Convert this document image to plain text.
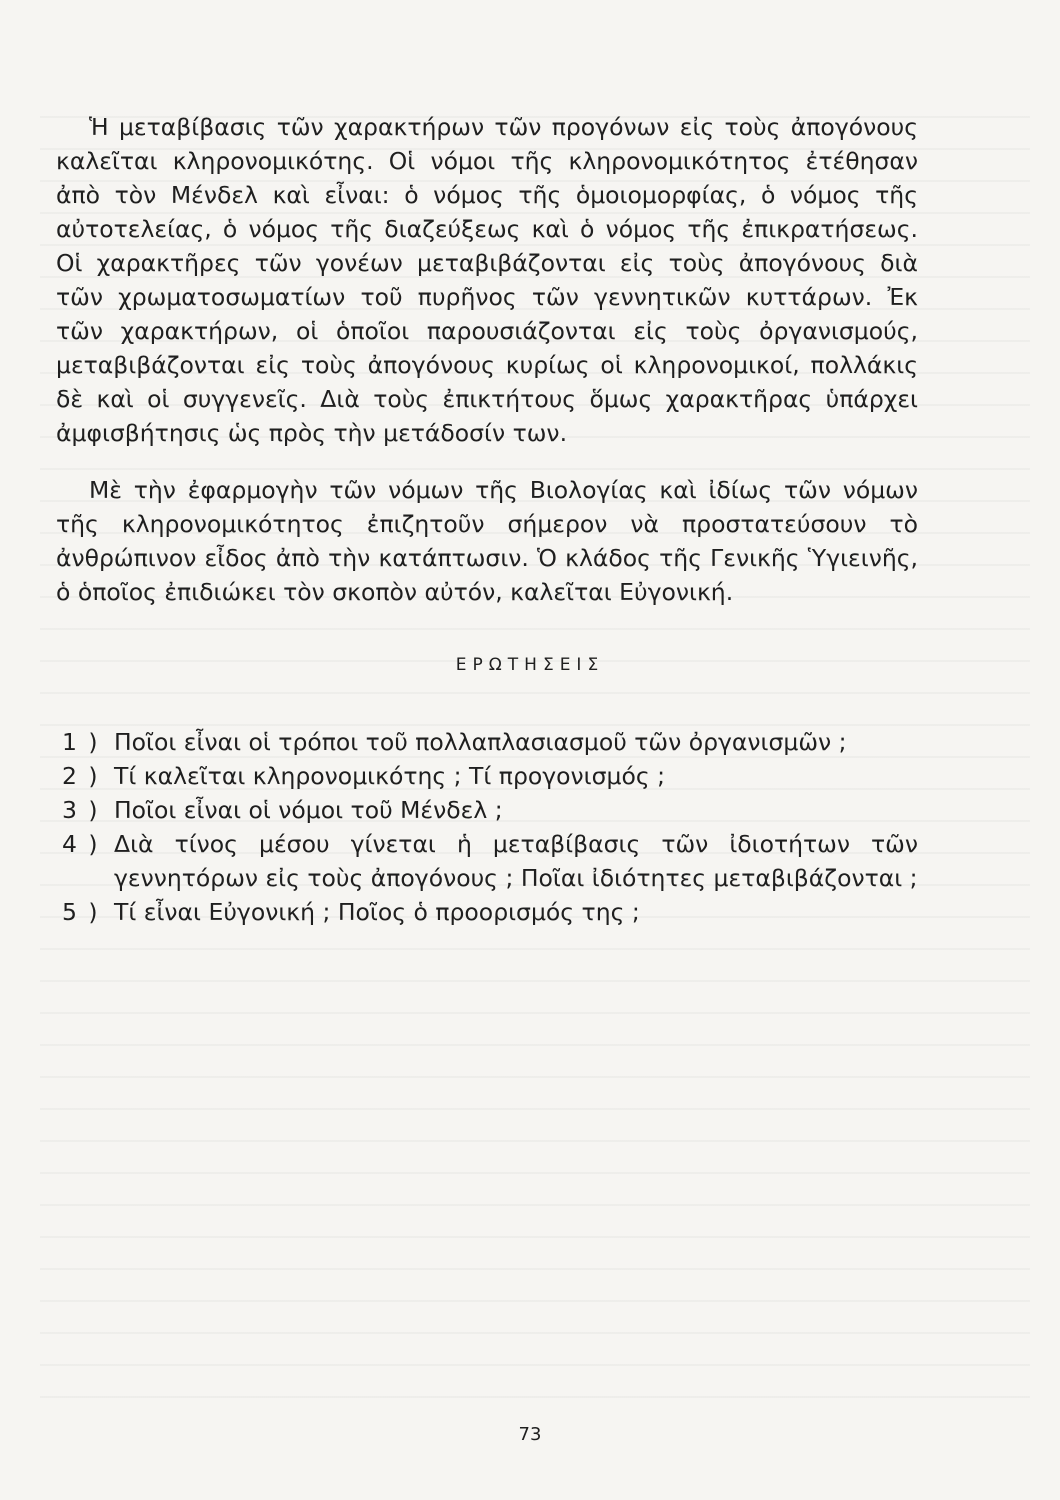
Ἡ μεταβίβασις τῶν χαρακτήρων τῶν προγόνων εἰς τοὺς ἀπογόνους καλεῖται κληρονομικότης. Οἱ νόμοι τῆς κληρονομικότητος ἐτέθησαν ἀπὸ τὸν Μένδελ καὶ εἶναι: ὁ νόμος τῆς ὁμοιομορφίας, ὁ νόμος τῆς αὐτοτελείας, ὁ νόμος τῆς διαζεύξεως καὶ ὁ νόμος τῆς ἐπικρατήσεως. Οἱ χαρακτῆρες τῶν γονέων μεταβιβάζονται εἰς τοὺς ἀπογόνους διὰ τῶν χρωματοσωματίων τοῦ πυρῆνος τῶν γεννητικῶν κυττάρων. Ἐκ τῶν χαρακτήρων, οἱ ὁποῖοι παρουσιάζονται εἰς τοὺς ὀργανισμούς, μεταβιβάζονται εἰς τοὺς ἀπογόνους κυρίως οἱ κληρονομικοί, πολλάκις δὲ καὶ οἱ συγγενεῖς. Διὰ τοὺς ἐπικτήτους ὅμως χαρακτῆρας ὑπάρχει ἀμφισβήτησις ὡς πρὸς τὴν μετάδοσίν των.

Μὲ τὴν ἐφαρμογὴν τῶν νόμων τῆς Βιολογίας καὶ ἰδίως τῶν νόμων τῆς κληρονομικότητος ἐπιζητοῦν σήμερον νὰ προστατεύσουν τὸ ἀνθρώπινον εἶδος ἀπὸ τὴν κατάπτωσιν. Ὁ κλάδος τῆς Γενικῆς Ὑγιεινῆς, ὁ ὁποῖος ἐπιδιώκει τὸν σκοπὸν αὐτόν, καλεῖται Εὐγονική.

ΕΡΩΤΗΣΕΙΣ
1 ) Ποῖοι εἶναι οἱ τρόποι τοῦ πολλαπλασιασμοῦ τῶν ὀργανισμῶν ;
2 ) Τί καλεῖται κληρονομικότης ; Τί προγονισμός ;
3 ) Ποῖοι εἶναι οἱ νόμοι τοῦ Μένδελ ;
4 ) Διὰ τίνος μέσου γίνεται ἡ μεταβίβασις τῶν ἰδιοτήτων τῶν γεννητόρων εἰς τοὺς ἀπογόνους ; Ποῖαι ἰδιότητες μεταβιβάζονται ;
5 ) Τί εἶναι Εὐγονική ; Ποῖος ὁ προορισμός της ;
73
